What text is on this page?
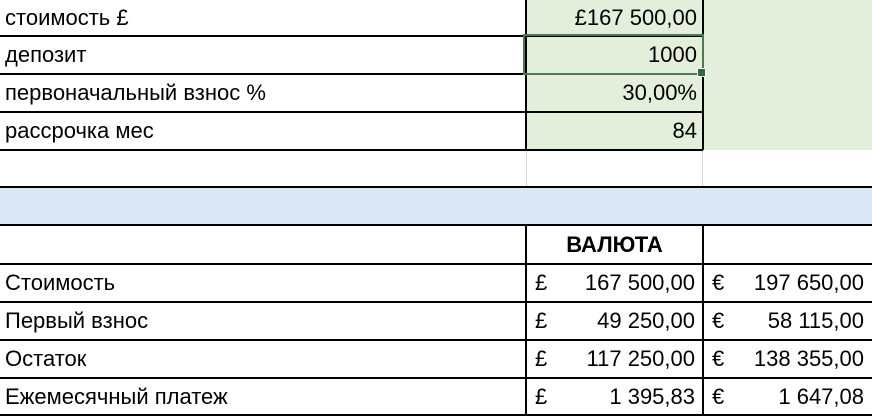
стоимость £	£167 500,00
депозит	1000
первоначальный взнос %	30,00%
рассрочка мес	84
ВАЛЮТА
Стоимость	£ 167 500,00 € 197 650,00
Первый взнос	£ 49 250,00 € 58 115,00
Остаток	£ 117 250,00 € 138 355,00
Ежемесячный платеж	£	1 395,83 € 1 647,08
